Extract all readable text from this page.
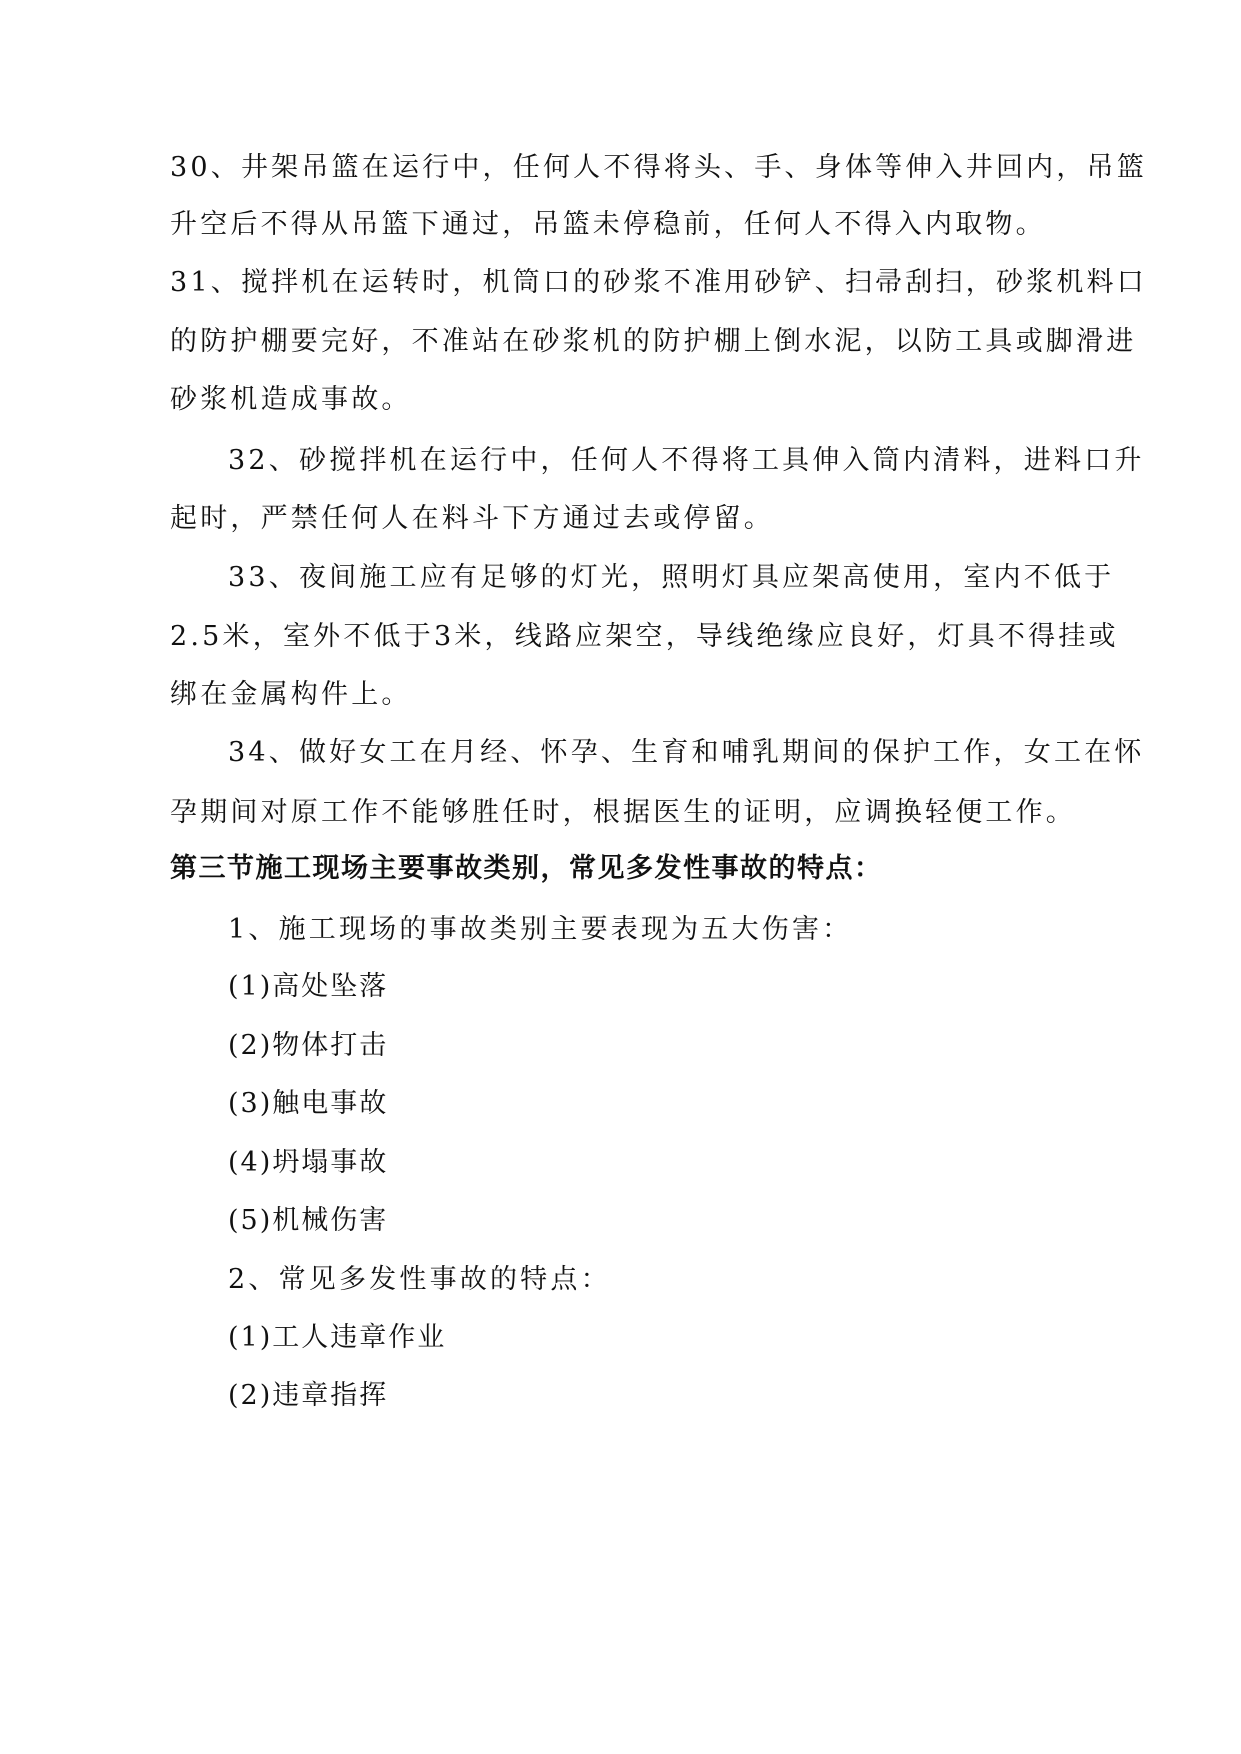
30、井架吊篮在运行中，任何人不得将头、手、身体等伸入井回内，吊篮
升空后不得从吊篮下通过，吊篮未停稳前，任何人不得入内取物。
31、搅拌机在运转时，机筒口的砂浆不准用砂铲、扫帚刮扫，砂浆机料口
的防护棚要完好，不准站在砂浆机的防护棚上倒水泥，以防工具或脚滑进
砂浆机造成事故。
32、砂搅拌机在运行中，任何人不得将工具伸入筒内清料，进料口升
起时，严禁任何人在料斗下方通过去或停留。
33、夜间施工应有足够的灯光，照明灯具应架高使用，室内不低于
2.5米，室外不低于3米，线路应架空，导线绝缘应良好，灯具不得挂或
绑在金属构件上。
34、做好女工在月经、怀孕、生育和哺乳期间的保护工作，女工在怀
孕期间对原工作不能够胜任时，根据医生的证明，应调换轻便工作。
第三节施工现场主要事故类别，常见多发性事故的特点：
1、施工现场的事故类别主要表现为五大伤害：
(1)高处坠落
(2)物体打击
(3)触电事故
(4)坍塌事故
(5)机械伤害
2、常见多发性事故的特点：
(1)工人违章作业
(2)违章指挥
